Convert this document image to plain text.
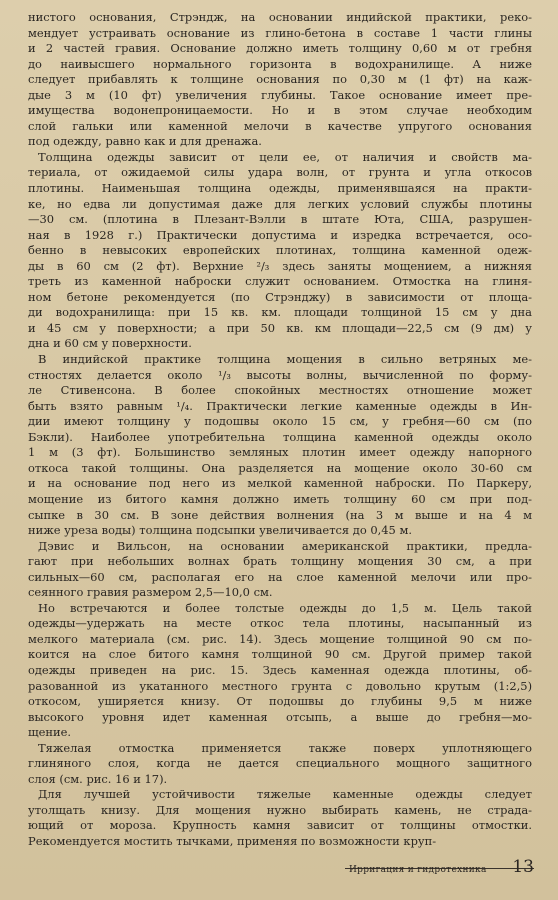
нистого основания, Стрэндж, на основании индийской практики, реко-
мендует устраивать основание из глино-бетона в составе 1 части глины
и 2 частей гравия. Основание должно иметь толщину 0,60 м от гребня
до наивысшего нормального горизонта в водохранилище. А ниже
следует прибавлять к толщине основания по 0,30 м (1 фт) на каж-
дые 3 м (10 фт) увеличения глубины. Такое основание имеет пре-
имущества водонепроницаемости. Но и в этом случае необходим
слой гальки или каменной мелочи в качестве упругого основания
под одежду, равно как и для дренажа.

Толщина одежды зависит от цели ее, от наличия и свойств ма-
териала, от ожидаемой силы удара волн, от грунта и угла откосов
плотины. Наименьшая толщина одежды, применявшаяся на практи-
ке, но едва ли допустимая даже для легких условий службы плотины
—30 см. (плотина в Плезант-Вэлли в штате Юта, США, разрушен-
ная в 1928 г.) Практически допустима и изредка встречается, осо-
бенно в невысоких европейских плотинах, толщина каменной одеж-
ды в 60 см (2 фт). Верхние ²/₃ здесь заняты мощением, а нижняя
треть из каменной наброски служит основанием. Отмостка на глиня-
ном бетоне рекомендуется (по Стрэнджу) в зависимости от площа-
ди водохранилища: при 15 кв. км. площади толщиной 15 см у дна
и 45 см у поверхности; а при 50 кв. км площади—22,5 см (9 дм) у
дна и 60 см у поверхности.

В индийской практике толщина мощения в сильно ветряных ме-
стностях делается около ¹/₃ высоты волны, вычисленной по форму-
ле Стивенсона. В более спокойных местностях отношение может
быть взято равным ¹/₄. Практически легкие каменные одежды в Ин-
дии имеют толщину у подошвы около 15 см, у гребня—60 см (по
Бэкли). Наиболее употребительна толщина каменной одежды около
1 м (3 фт). Большинство земляных плотин имеет одежду напорного
откоса такой толщины. Она разделяется на мощение около 30-60 см
и на основание под него из мелкой каменной наброски. По Паркеру,
мощение из битого камня должно иметь толщину 60 см при под-
сыпке в 30 см. В зоне действия волнения (на 3 м выше и на 4 м
ниже уреза воды) толщина подсыпки увеличивается до 0,45 м.

Дэвис и Вильсон, на основании американской практики, предла-
гают при небольших волнах брать толщину мощения 30 см, а при
сильных—60 см, располагая его на слое каменной мелочи или про-
сеянного гравия размером 2,5—10,0 см.

Но встречаются и более толстые одежды до 1,5 м. Цель такой
одежды—удержать на месте откос тела плотины, насыпанный из
мелкого материала (см. рис. 14). Здесь мощение толщиной 90 см по-
коится на слое битого камня толщиной 90 см. Другой пример такой
одежды приведен на рис. 15. Здесь каменная одежда плотины, об-
разованной из укатанного местного грунта с довольно крутым (1:2,5)
откосом, уширяется книзу. От подошвы до глубины 9,5 м ниже
высокого уровня идет каменная отсыпь, а выше до гребня—мо-
щение.

Тяжелая отмостка применяется также поверх уплотняющего
глиняного слоя, когда не дается специального мощного защитного
слоя (см. рис. 16 и 17).

Для лучшей устойчивости тяжелые каменные одежды следует
утолщать книзу. Для мощения нужно выбирать камень, не страда-
ющий от мороза. Крупность камня зависит от толщины отмостки.
Рекомендуется мостить тычками, применяя по возможности круп-

Ирригация и гидротехника 13
